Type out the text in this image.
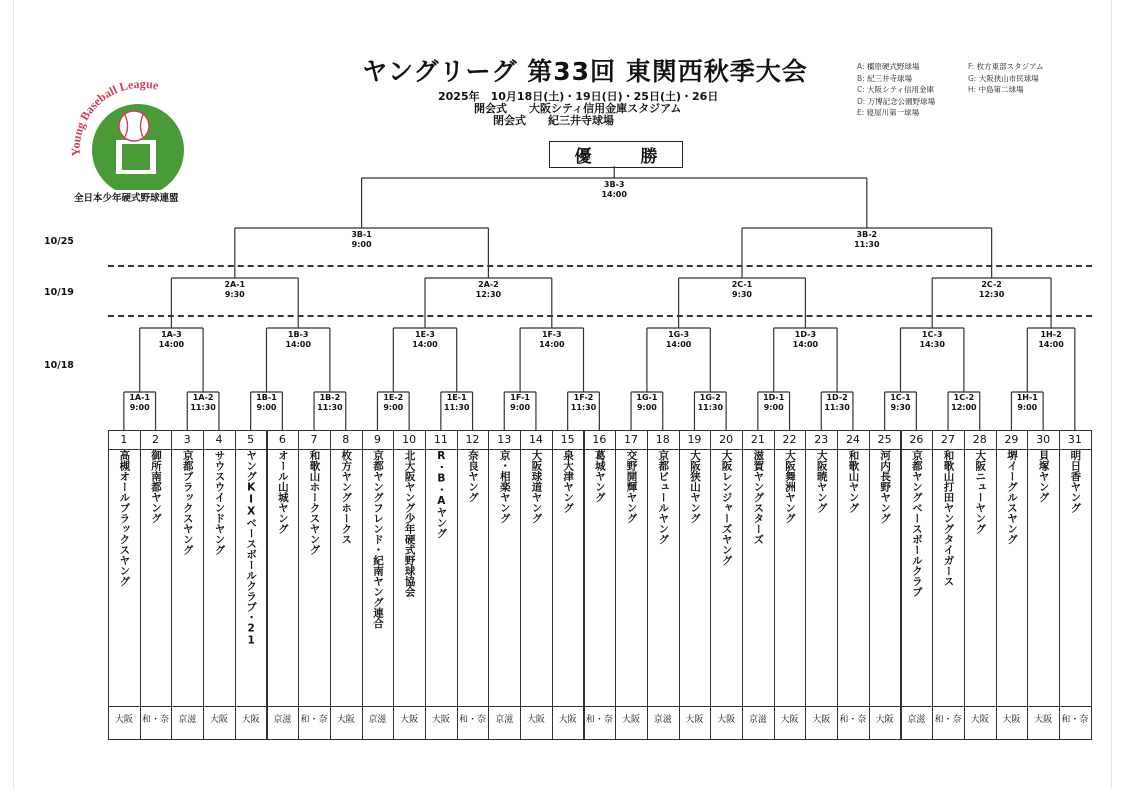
Young Baseball League
全日本少年硬式野球連盟
ヤングリーグ 第33回 東関西秋季大会
2025年　10月18日(土)・19日(日)・25日(土)・26日
開会式　　大阪シティ信用金庫スタジアム
閉会式　　紀三井寺球場
A: 橿原硬式野球場
B: 紀三井寺球場
C: 大阪シティ信用金庫
D: 万博記念公園野球場
E: 寝屋川第一球場
F: 枚方東部スタジアム
G: 大阪狭山市民球場
H: 中島第二球場
優	勝
10/25
10/19
10/18
1A-1
9:00
1A-2
11:30
1B-1
9:00
1B-2
11:30
1E-2
9:00
1E-1
11:30
1F-1
9:00
1F-2
11:30
1G-1
9:00
1G-2
11:30
1D-1
9:00
1D-2
11:30
1C-1
9:30
1C-2
12:00
1H-1
9:00
1A-3
14:00
1B-3
14:00
1E-3
14:00
1F-3
14:00
1G-3
14:00
1D-3
14:00
1C-3
14:30
1H-2
14:00
2A-1
9:30
2A-2
12:30
2C-1
9:30
2C-2
12:30
3B-1
9:00
3B-2
11:30
3B-3
14:00
1
高槻オールブラックスヤング
大阪
2
御所南都ヤング
和・奈
3
京都ブラックスヤング
京滋
4
サウスウインドヤング
大阪
5
ヤングKIXベースボールクラブ・21
大阪
6
オール山城ヤング
京滋
7
和歌山ホークスヤング
和・奈
8
枚方ヤングホークス
大阪
9
京都ヤングフレンド・紀南ヤング連合
京滋
10
北大阪ヤング少年硬式野球協会
大阪
11
R・B・Aヤング
大阪
12
奈良ヤング
和・奈
13
京・相楽ヤング
京滋
14
大阪球道ヤング
大阪
15
泉大津ヤング
大阪
16
葛城ヤング
和・奈
17
交野開輝ヤング
大阪
18
京都ビュールヤング
京滋
19
大阪狭山ヤング
大阪
20
大阪レンジャーズヤング
大阪
21
滋賀ヤングスターズ
京滋
22
大阪舞洲ヤング
大阪
23
大阪暁ヤング
大阪
24
和歌山ヤング
和・奈
25
河内長野ヤング
大阪
26
京都ヤングベースボールクラブ
京滋
27
和歌山打田ヤングタイガース
和・奈
28
大阪ニューヤング
大阪
29
堺イーグルスヤング
大阪
30
貝塚ヤング
大阪
31
明日香ヤング
和・奈
